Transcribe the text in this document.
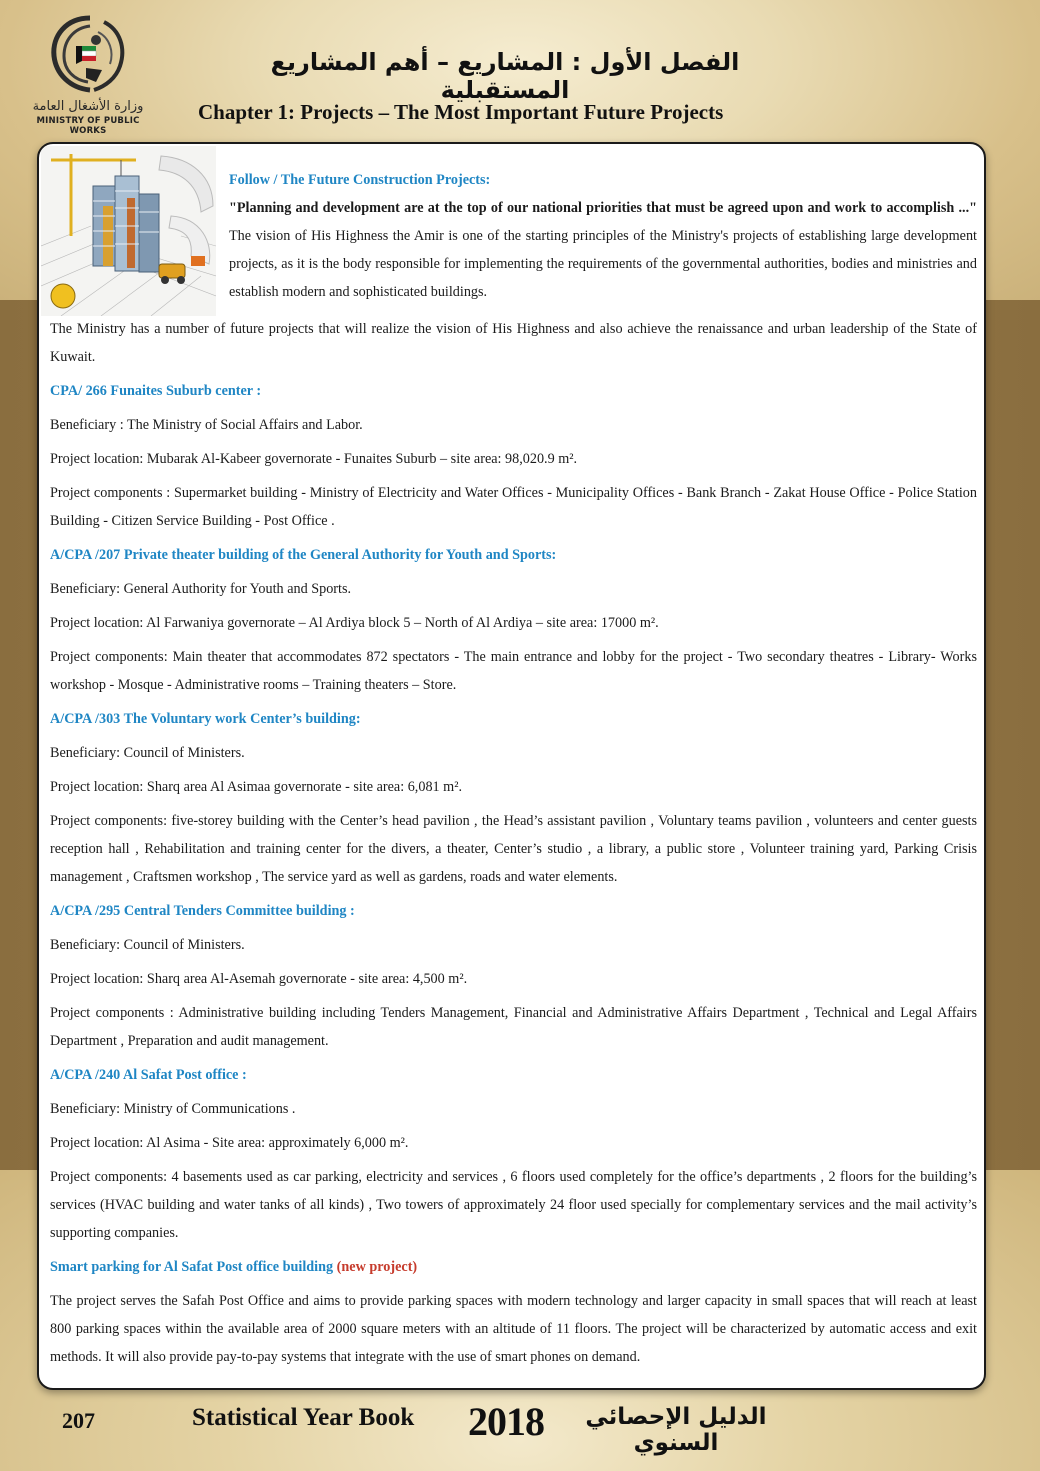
وزارة الأشغال العامة
MINISTRY OF PUBLIC WORKS
الفصل الأول : المشاريع – أهم المشاريع المستقبلية
Chapter 1: Projects – The Most Important Future Projects

Follow / The Future Construction Projects:

"Planning and development are at the top of our national priorities that must be agreed upon and work to accomplish ..." The vision of His Highness the Amir is one of the starting principles of the Ministry's projects of establishing large development projects, as it is the body responsible for implementing the requirements of the governmental authorities, bodies and ministries and establish modern and sophisticated buildings.

The Ministry has a number of future projects that will realize the vision of His Highness and also achieve the renaissance and urban leadership of the State of Kuwait.

CPA/ 266 Funaites Suburb center :

Beneficiary : The Ministry of Social Affairs and Labor.

Project location: Mubarak Al-Kabeer governorate - Funaites Suburb – site area: 98,020.9 m².

Project components : Supermarket building - Ministry of Electricity and Water Offices - Municipality Offices - Bank Branch - Zakat House Office - Police Station Building - Citizen Service Building - Post Office .

A/CPA /207 Private theater building of the General Authority for Youth and Sports:

Beneficiary: General Authority for Youth and Sports.

Project location: Al Farwaniya governorate – Al Ardiya block 5 – North of Al Ardiya – site area: 17000 m².

Project components: Main theater that accommodates 872 spectators - The main entrance and lobby for the project - Two secondary theatres - Library- Works workshop - Mosque - Administrative rooms – Training theaters – Store.

A/CPA /303 The Voluntary work Center’s building:

Beneficiary: Council of Ministers.

Project location: Sharq area Al Asimaa governorate - site area: 6,081 m².

Project components: five-storey building with the Center’s head pavilion , the Head’s assistant pavilion , Voluntary teams pavilion , volunteers and center guests reception hall , Rehabilitation and training center for the divers, a theater, Center’s studio , a library, a public store , Volunteer training yard, Parking Crisis management , Craftsmen workshop , The service yard as well as gardens, roads and water elements.

A/CPA /295 Central Tenders Committee building :

Beneficiary: Council of Ministers.

Project location: Sharq area Al-Asemah governorate - site area: 4,500 m².

Project components : Administrative building including Tenders Management, Financial and Administrative Affairs Department , Technical and Legal Affairs Department , Preparation and audit management.

A/CPA /240 Al Safat Post office :

Beneficiary: Ministry of Communications .

Project location: Al Asima - Site area: approximately 6,000 m².

Project components: 4 basements used as car parking, electricity and services , 6 floors used completely for the office’s departments , 2 floors for the building’s services (HVAC building and water tanks of all kinds) , Two towers of approximately 24 floor used specially for complementary services and the mail activity’s supporting companies.

Smart parking for Al Safat Post office building (new project)

The project serves the Safah Post Office and aims to provide parking spaces with modern technology and larger capacity in small spaces that will reach at least 800 parking spaces within the available area of 2000 square meters with an altitude of 11 floors. The project will be characterized by automatic access and exit methods. It will also provide pay-to-pay systems that integrate with the use of smart phones on demand.

207	Statistical Year Book 2018	الدليل الإحصائي السنوي
